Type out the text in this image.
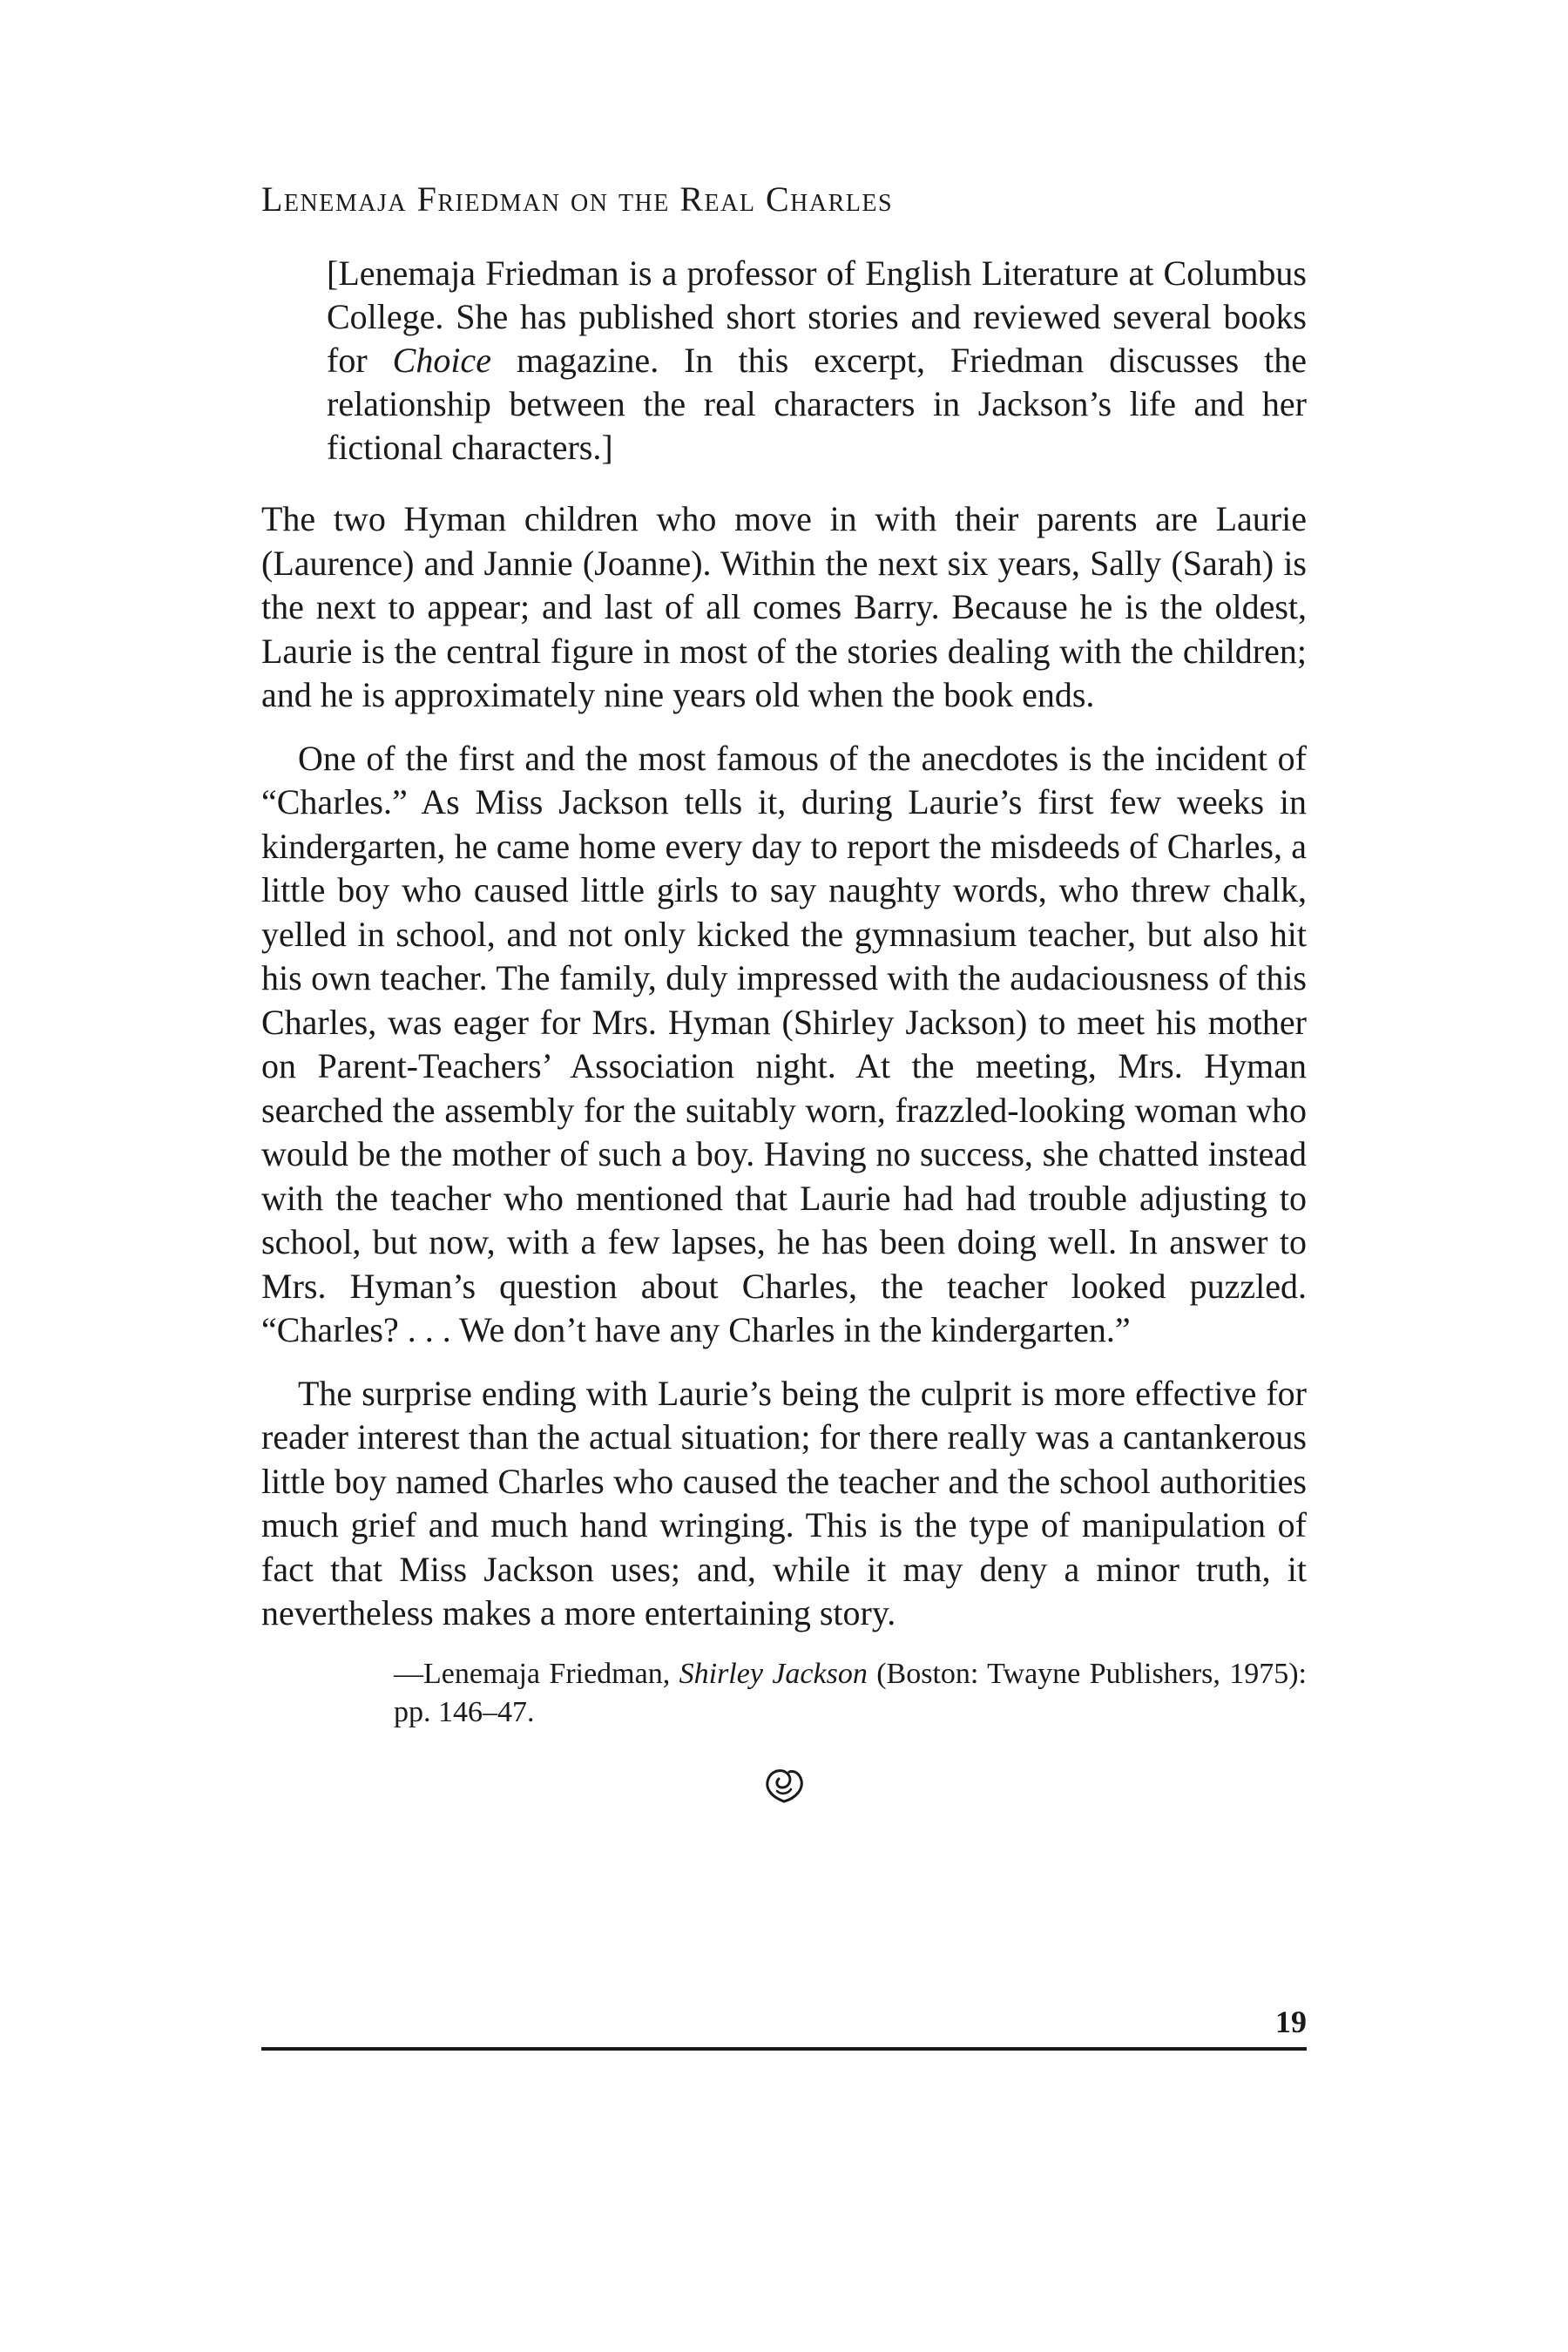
Lenemaja Friedman on the Real Charles

[Lenemaja Friedman is a professor of English Literature at Columbus College. She has published short stories and reviewed several books for Choice magazine. In this excerpt, Friedman discusses the relationship between the real characters in Jackson’s life and her fictional characters.]

The two Hyman children who move in with their parents are Laurie (Laurence) and Jannie (Joanne). Within the next six years, Sally (Sarah) is the next to appear; and last of all comes Barry. Because he is the oldest, Laurie is the central figure in most of the stories dealing with the children; and he is approximately nine years old when the book ends.

One of the first and the most famous of the anecdotes is the incident of “Charles.” As Miss Jackson tells it, during Laurie’s first few weeks in kindergarten, he came home every day to report the misdeeds of Charles, a little boy who caused little girls to say naughty words, who threw chalk, yelled in school, and not only kicked the gymnasium teacher, but also hit his own teacher. The family, duly impressed with the audaciousness of this Charles, was eager for Mrs. Hyman (Shirley Jackson) to meet his mother on Parent-Teachers’ Association night. At the meeting, Mrs. Hyman searched the assembly for the suitably worn, frazzled-looking woman who would be the mother of such a boy. Having no success, she chatted instead with the teacher who mentioned that Laurie had had trouble adjusting to school, but now, with a few lapses, he has been doing well. In answer to Mrs. Hyman’s question about Charles, the teacher looked puzzled. “Charles? . . . We don’t have any Charles in the kindergarten.”

The surprise ending with Laurie’s being the culprit is more effective for reader interest than the actual situation; for there really was a cantankerous little boy named Charles who caused the teacher and the school authorities much grief and much hand wringing. This is the type of manipulation of fact that Miss Jackson uses; and, while it may deny a minor truth, it nevertheless makes a more entertaining story.

—Lenemaja Friedman, Shirley Jackson (Boston: Twayne Publishers, 1975): pp. 146–47.

19
